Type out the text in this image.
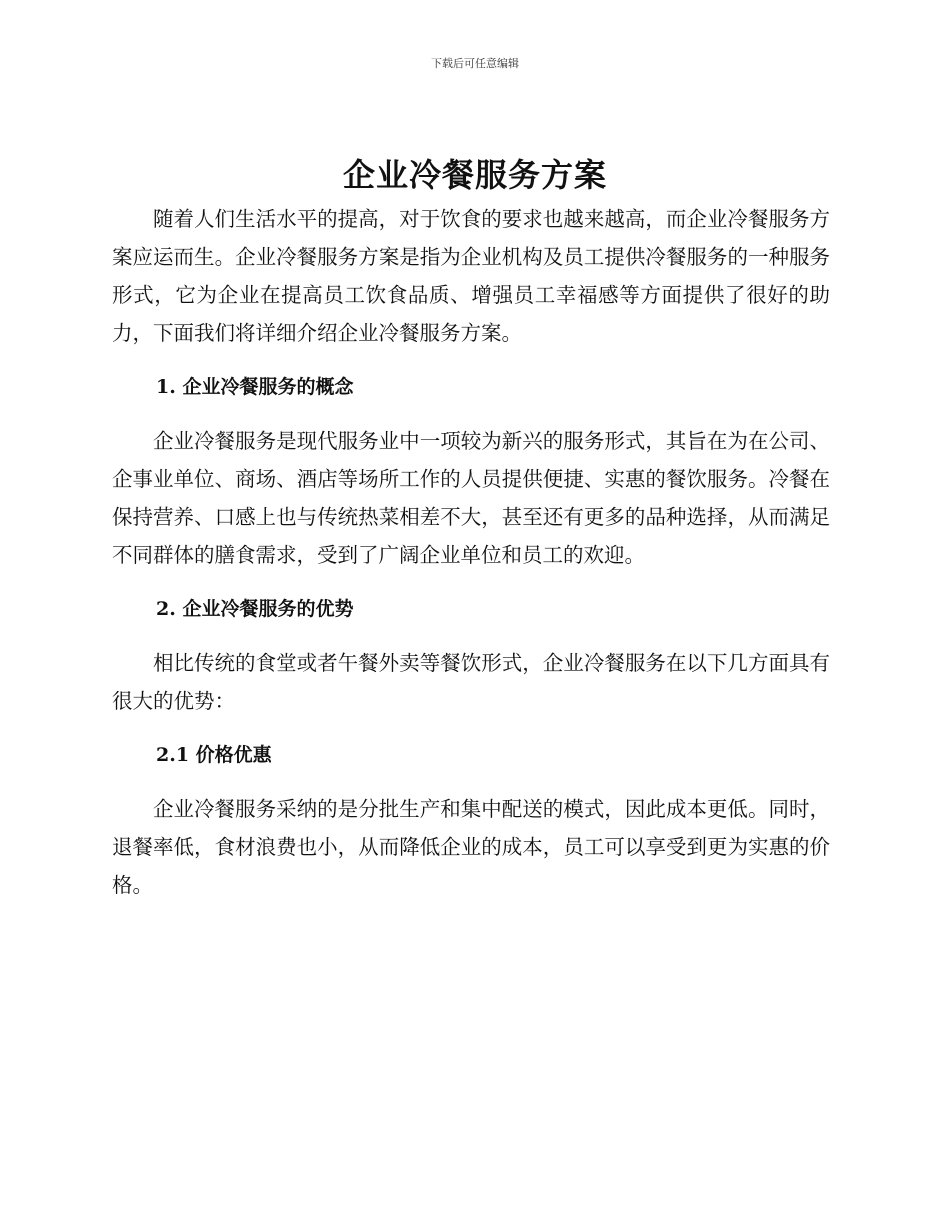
下载后可任意编辑
企业冷餐服务方案

随着人们生活水平的提高，对于饮食的要求也越来越高，而企业冷餐服务方案应运而生。企业冷餐服务方案是指为企业机构及员工提供冷餐服务的一种服务形式，它为企业在提高员工饮食品质、增强员工幸福感等方面提供了很好的助力，下面我们将详细介绍企业冷餐服务方案。

1. 企业冷餐服务的概念

企业冷餐服务是现代服务业中一项较为新兴的服务形式，其旨在为在公司、企事业单位、商场、酒店等场所工作的人员提供便捷、实惠的餐饮服务。冷餐在保持营养、口感上也与传统热菜相差不大，甚至还有更多的品种选择，从而满足不同群体的膳食需求，受到了广阔企业单位和员工的欢迎。

2. 企业冷餐服务的优势

相比传统的食堂或者午餐外卖等餐饮形式，企业冷餐服务在以下几方面具有很大的优势：

2.1 价格优惠

企业冷餐服务采纳的是分批生产和集中配送的模式，因此成本更低。同时，退餐率低，食材浪费也小，从而降低企业的成本，员工可以享受到更为实惠的价格。
